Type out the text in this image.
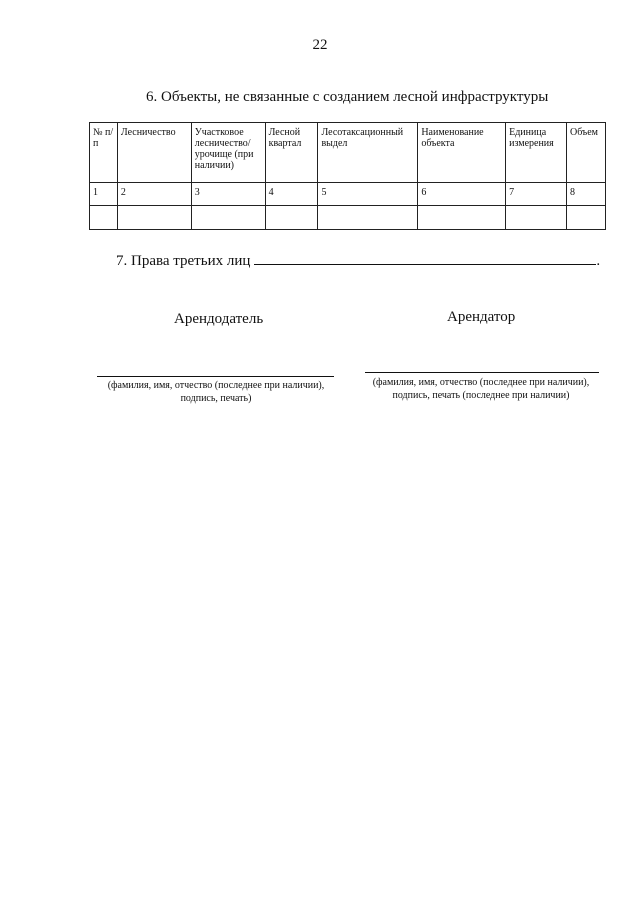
22
6. Объекты, не связанные с созданием лесной инфраструктуры
№ п/п	Лесничество	Участковое лесничество/ урочище (при наличии)	Лесной квартал	Лесотаксационный выдел	Наименование объекта	Единица измерения	Объем
1	2	3	4	5	6	7	8

7. Права третьих лиц	.
Арендодатель	Арендатор
(фамилия, имя, отчество (последнее при наличии), подпись, печать)
(фамилия, имя, отчество (последнее при наличии), подпись, печать (последнее при наличии)
